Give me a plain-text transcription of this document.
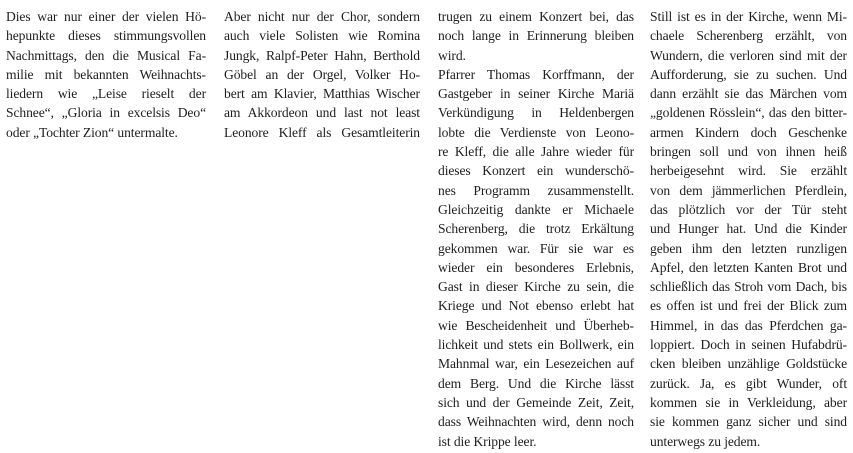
Dies war nur einer der vielen Hö-
hepunkte dieses stimmungsvollen
Nachmittags, den die Musical Fa-
milie mit bekannten Weihnachts-
liedern wie „Leise rieselt der
Schnee“, „Gloria in excelsis Deo“
oder „Tochter Zion“ untermalte.
Aber nicht nur der Chor, sondern
auch viele Solisten wie Romina
Jungk, Ralpf-Peter Hahn, Berthold
Göbel an der Orgel, Volker Ho-
bert am Klavier, Matthias Wischer
am Akkordeon und last not least
Leonore Kleff als Gesamtleiterin
trugen zu einem Konzert bei, das
noch lange in Erinnerung bleiben
wird.
Pfarrer Thomas Korffmann, der
Gastgeber in seiner Kirche Mariä
Verkündigung in Heldenbergen
lobte die Verdienste von Leono-
re Kleff, die alle Jahre wieder für
dieses Konzert ein wunderschö-
nes Programm zusammenstellt.
Gleichzeitig dankte er Michaele
Scherenberg, die trotz Erkältung
gekommen war. Für sie war es
wieder ein besonderes Erlebnis,
Gast in dieser Kirche zu sein, die
Kriege und Not ebenso erlebt hat
wie Bescheidenheit und Überheb-
lichkeit und stets ein Bollwerk, ein
Mahnmal war, ein Lesezeichen auf
dem Berg. Und die Kirche lässt
sich und der Gemeinde Zeit, Zeit,
dass Weihnachten wird, denn noch
ist die Krippe leer.
Still ist es in der Kirche, wenn Mi-
chaele Scherenberg erzählt, von
Wundern, die verloren sind mit der
Aufforderung, sie zu suchen. Und
dann erzählt sie das Märchen vom
„goldenen Rösslein“, das den bitter-
armen Kindern doch Geschenke
bringen soll und von ihnen heiß
herbeigesehnt wird. Sie erzählt
von dem jämmerlichen Pferdlein,
das plötzlich vor der Tür steht
und Hunger hat. Und die Kinder
geben ihm den letzten runzligen
Apfel, den letzten Kanten Brot und
schließlich das Stroh vom Dach, bis
es offen ist und frei der Blick zum
Himmel, in das das Pferdchen ga-
loppiert. Doch in seinen Hufabdrü-
cken bleiben unzählige Goldstücke
zurück. Ja, es gibt Wunder, oft
kommen sie in Verkleidung, aber
sie kommen ganz sicher und sind
unterwegs zu jedem.
